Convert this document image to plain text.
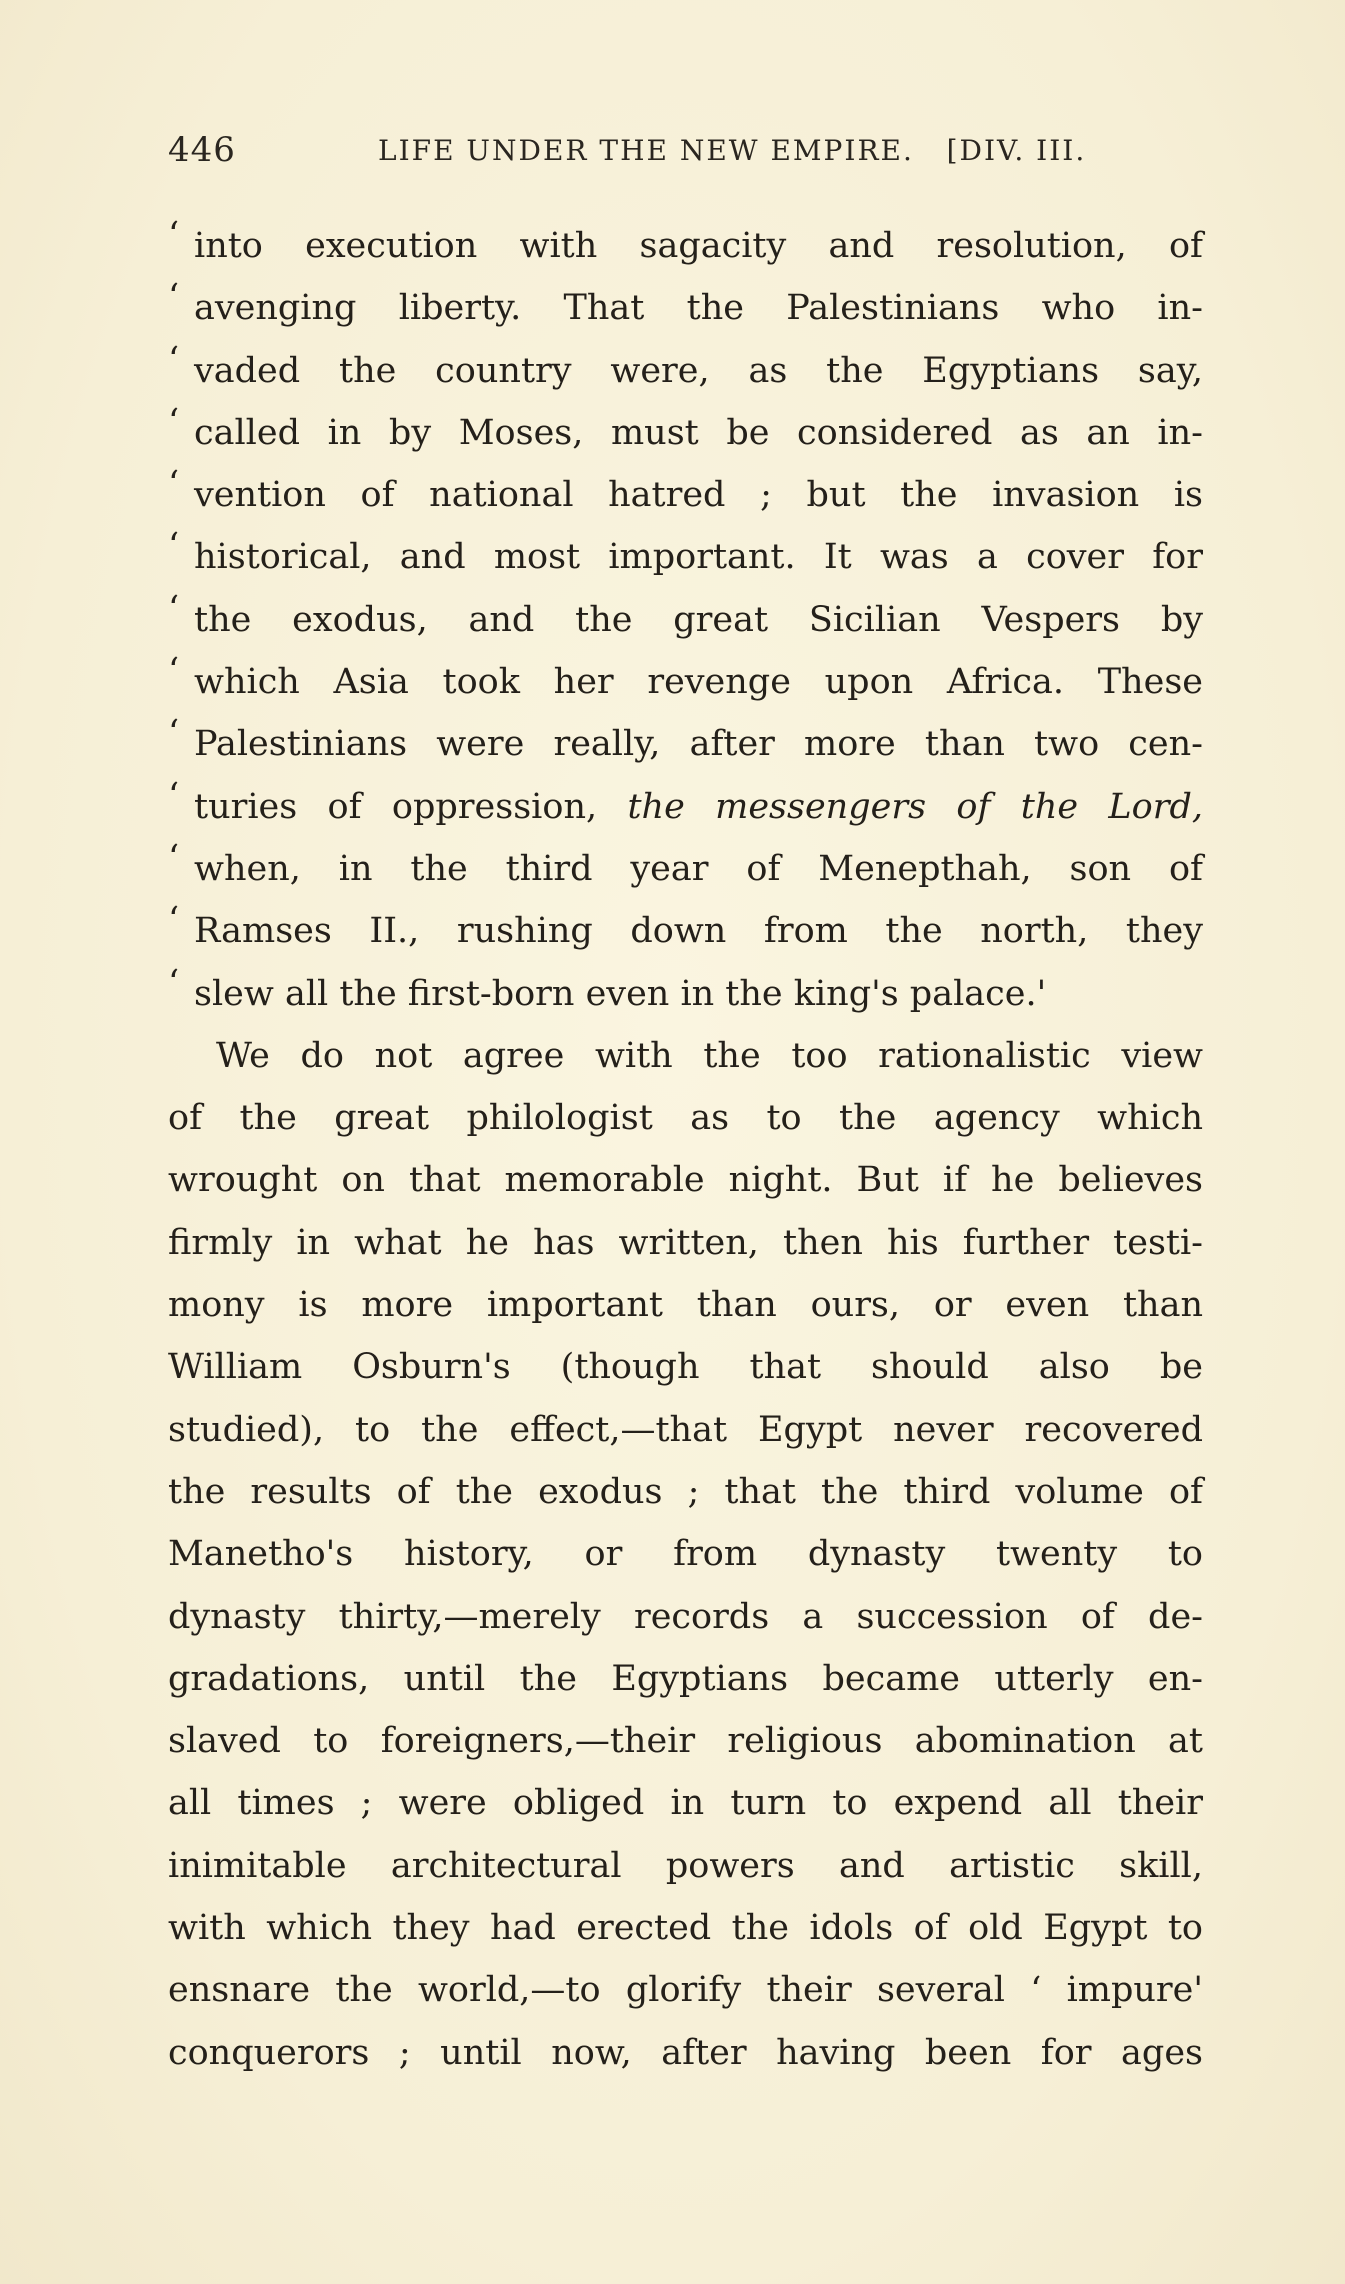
446	LIFE UNDER THE NEW EMPIRE.   [DIV. III.
‘ into execution with sagacity and resolution, of
‘ avenging liberty. That the Palestinians who in-
‘ vaded the country were, as the Egyptians say,
‘ called in by Moses, must be considered as an in-
‘ vention of national hatred ; but the invasion is
‘ historical, and most important. It was a cover for
‘ the exodus, and the great Sicilian Vespers by
‘ which Asia took her revenge upon Africa. These
‘ Palestinians were really, after more than two cen-
‘ turies of oppression, the messengers of the Lord,
‘ when, in the third year of Menepthah, son of
‘ Ramses II., rushing down from the north, they
‘ slew all the first-born even in the king's palace.'
We do not agree with the too rationalistic view
of the great philologist as to the agency which
wrought on that memorable night. But if he believes
firmly in what he has written, then his further testi-
mony is more important than ours, or even than
William Osburn's (though that should also be
studied), to the effect,—that Egypt never recovered
the results of the exodus ; that the third volume of
Manetho's history, or from dynasty twenty to
dynasty thirty,—merely records a succession of de-
gradations, until the Egyptians became utterly en-
slaved to foreigners,—their religious abomination at
all times ; were obliged in turn to expend all their
inimitable architectural powers and artistic skill,
with which they had erected the idols of old Egypt to
ensnare the world,—to glorify their several ‘ impure'
conquerors ; until now, after having been for ages
